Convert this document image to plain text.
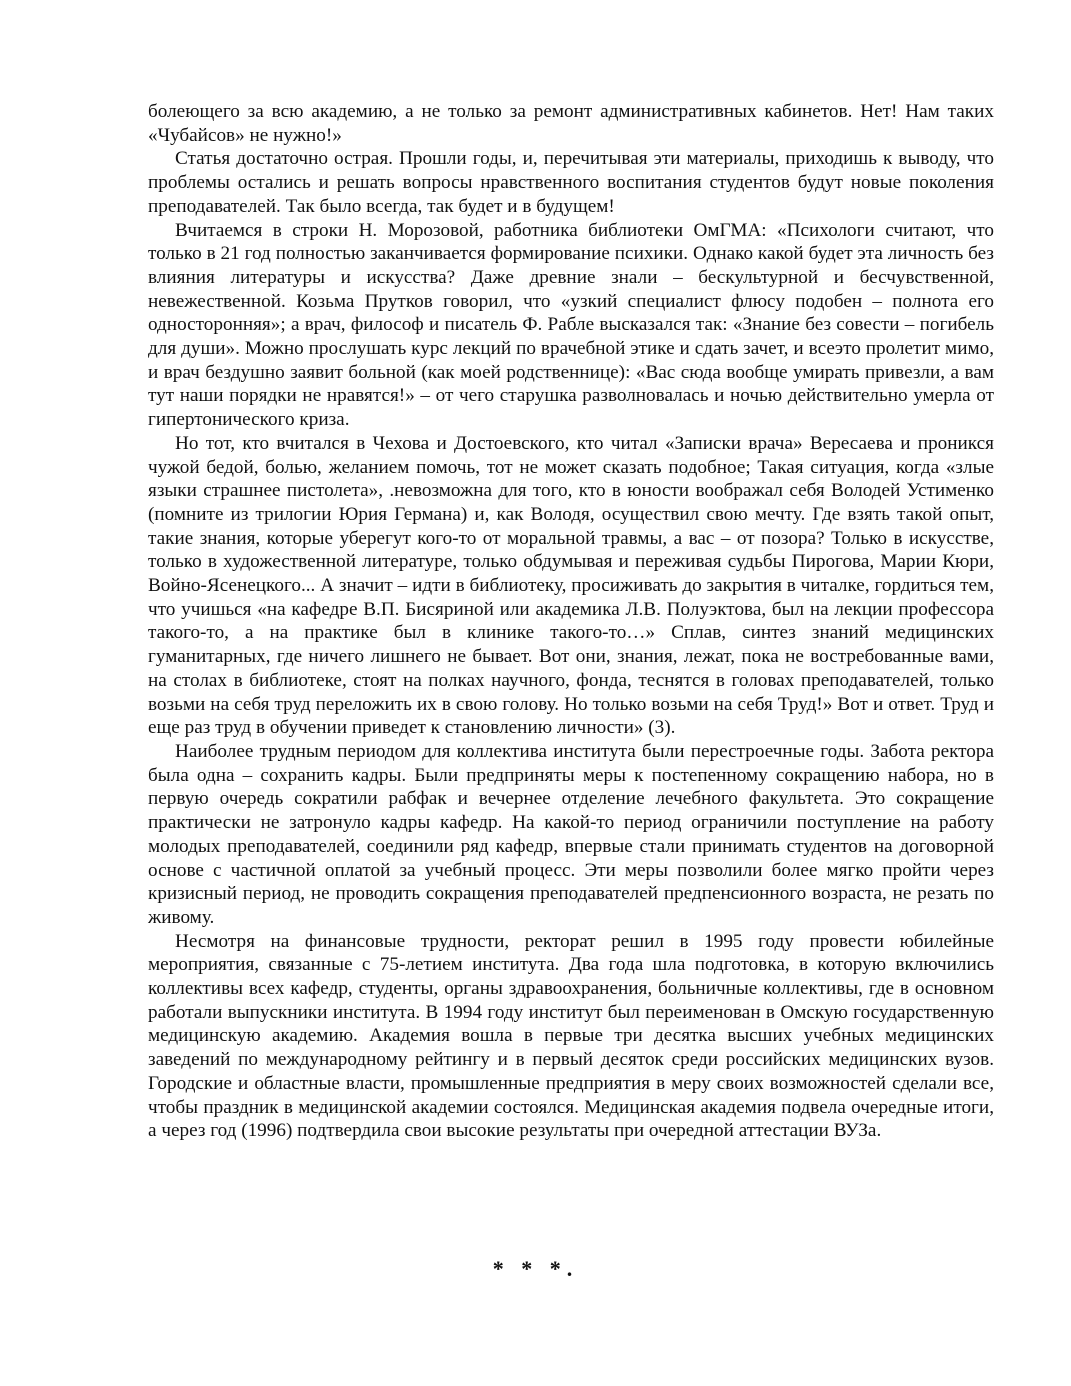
болеющего за всю академию, а не только за ремонт административных кабинетов. Нет! Нам таких «Чубайсов» не нужно!»

Статья достаточно острая. Прошли годы, и, перечитывая эти материалы, приходишь к выводу, что проблемы остались и решать вопросы нравственного воспитания студентов будут новые поколения преподавателей. Так было всегда, так будет и в будущем!

Вчитаемся в строки Н. Морозовой, работника библиотеки ОмГМА: «Психологи считают, что только в 21 год полностью заканчивается формирование психики. Однако какой будет эта личность без влияния литературы и искусства? Даже древние знали – бескультурной и бесчувственной, невежественной. Козьма Прутков говорил, что «узкий специалист флюсу подобен – полнота его односторонняя»; а врач, философ и писатель Ф. Рабле высказался так: «Знание без совести – погибель для души». Можно прослушать курс лекций по врачебной этике и сдать зачет, и всеэто пролетит мимо, и врач бездушно заявит больной (как моей родственнице): «Вас сюда вообще умирать привезли, а вам тут наши порядки не нравятся!» – от чего старушка разволновалась и ночью действительно умерла от гипертонического криза.

Но тот, кто вчитался в Чехова и Достоевского, кто читал «Записки врача» Вересаева и проникся чужой бедой, болью, желанием помочь, тот не может сказать подобное; Такая ситуация, когда «злые языки страшнее пистолета», .невозможна для того, кто в юности воображал себя Володей Устименко (помните из трилогии Юрия Германа) и, как Володя, осуществил свою мечту. Где взять такой опыт, такие знания, которые уберегут кого-то от моральной травмы, а вас – от позора? Только в искусстве, только в художественной литературе, только обдумывая и переживая судьбы Пирогова, Марии Кюри, Войно-Ясенецкого... А значит – идти в библиотеку, просиживать до закрытия в читалке, гордиться тем, что учишься «на кафедре В.П. Бисяриной или академика Л.В. Полуэктова, был на лекции профессора такого-то, а на практике был в клинике такого-то…» Сплав, синтез знаний медицинских гуманитарных, где ничего лишнего не бывает. Вот они, знания, лежат, пока не востребованные вами, на столах в библиотеке, стоят на полках научного, фонда, теснятся в головах преподавателей, только возьми на себя труд переложить их в свою голову. Но только возьми на себя Труд!» Вот и ответ. Труд и еще раз труд в обучении приведет к становлению личности» (3).

Наиболее трудным периодом для коллектива института были перестроечные годы. Забота ректора была одна – сохранить кадры. Были предприняты меры к постепенному сокращению набора, но в первую очередь сократили рабфак и вечернее отделение лечебного факультета. Это сокращение практически не затронуло кадры кафедр. На какой-то период ограничили поступление на работу молодых преподавателей, соединили ряд кафедр, впервые стали принимать студентов на договорной основе с частичной оплатой за учебный процесс. Эти меры позволили более мягко пройти через кризисный период, не проводить сокращения преподавателей предпенсионного возраста, не резать по живому.

Несмотря на финансовые трудности, ректорат решил в 1995 году провести юбилейные мероприятия, связанные с 75-летием института. Два года шла подготовка, в которую включились коллективы всех кафедр, студенты, органы здравоохранения, больничные коллективы, где в основном работали выпускники института. В 1994 году институт был переименован в Омскую государственную медицинскую академию. Академия вошла в первые три десятка высших учебных медицинских заведений по международному рейтингу и в первый десяток среди российских медицинских вузов. Городские и областные власти, промышленные предприятия в меру своих возможностей сделали все, чтобы праздник в медицинской академии состоялся. Медицинская академия подвела очередные итоги, а через год (1996) подтвердила свои высокие результаты при очередной аттестации ВУЗа.

* * *.
